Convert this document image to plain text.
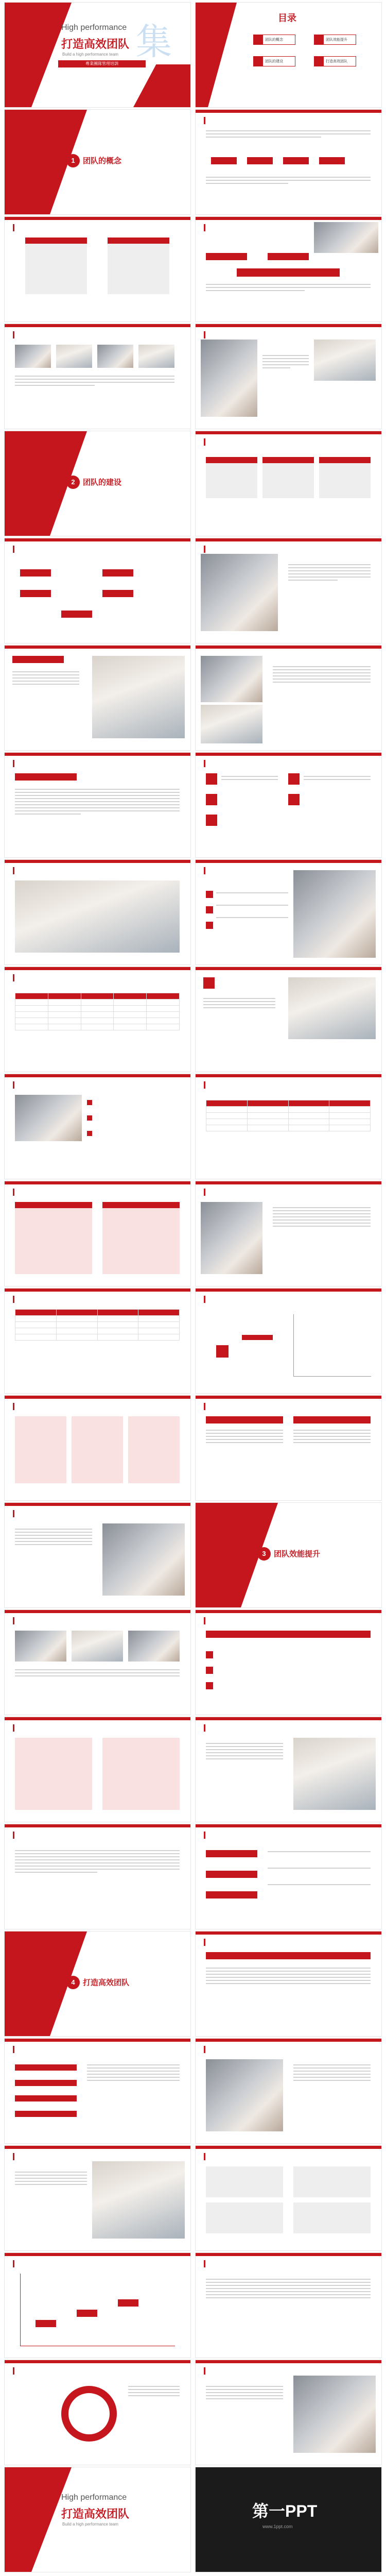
High performance
打造高效团队
Build a high performance team
專業團隊管理培訓
集
目录
团队的概念	团队效能提升
团队的建设	打造高效团队
1	团队的概念
2	团队的建设

3	团队效能提升
4	打造高效团队
High performance
打造高效团队
Build a high performance team
第一PPT
www.1ppt.com
